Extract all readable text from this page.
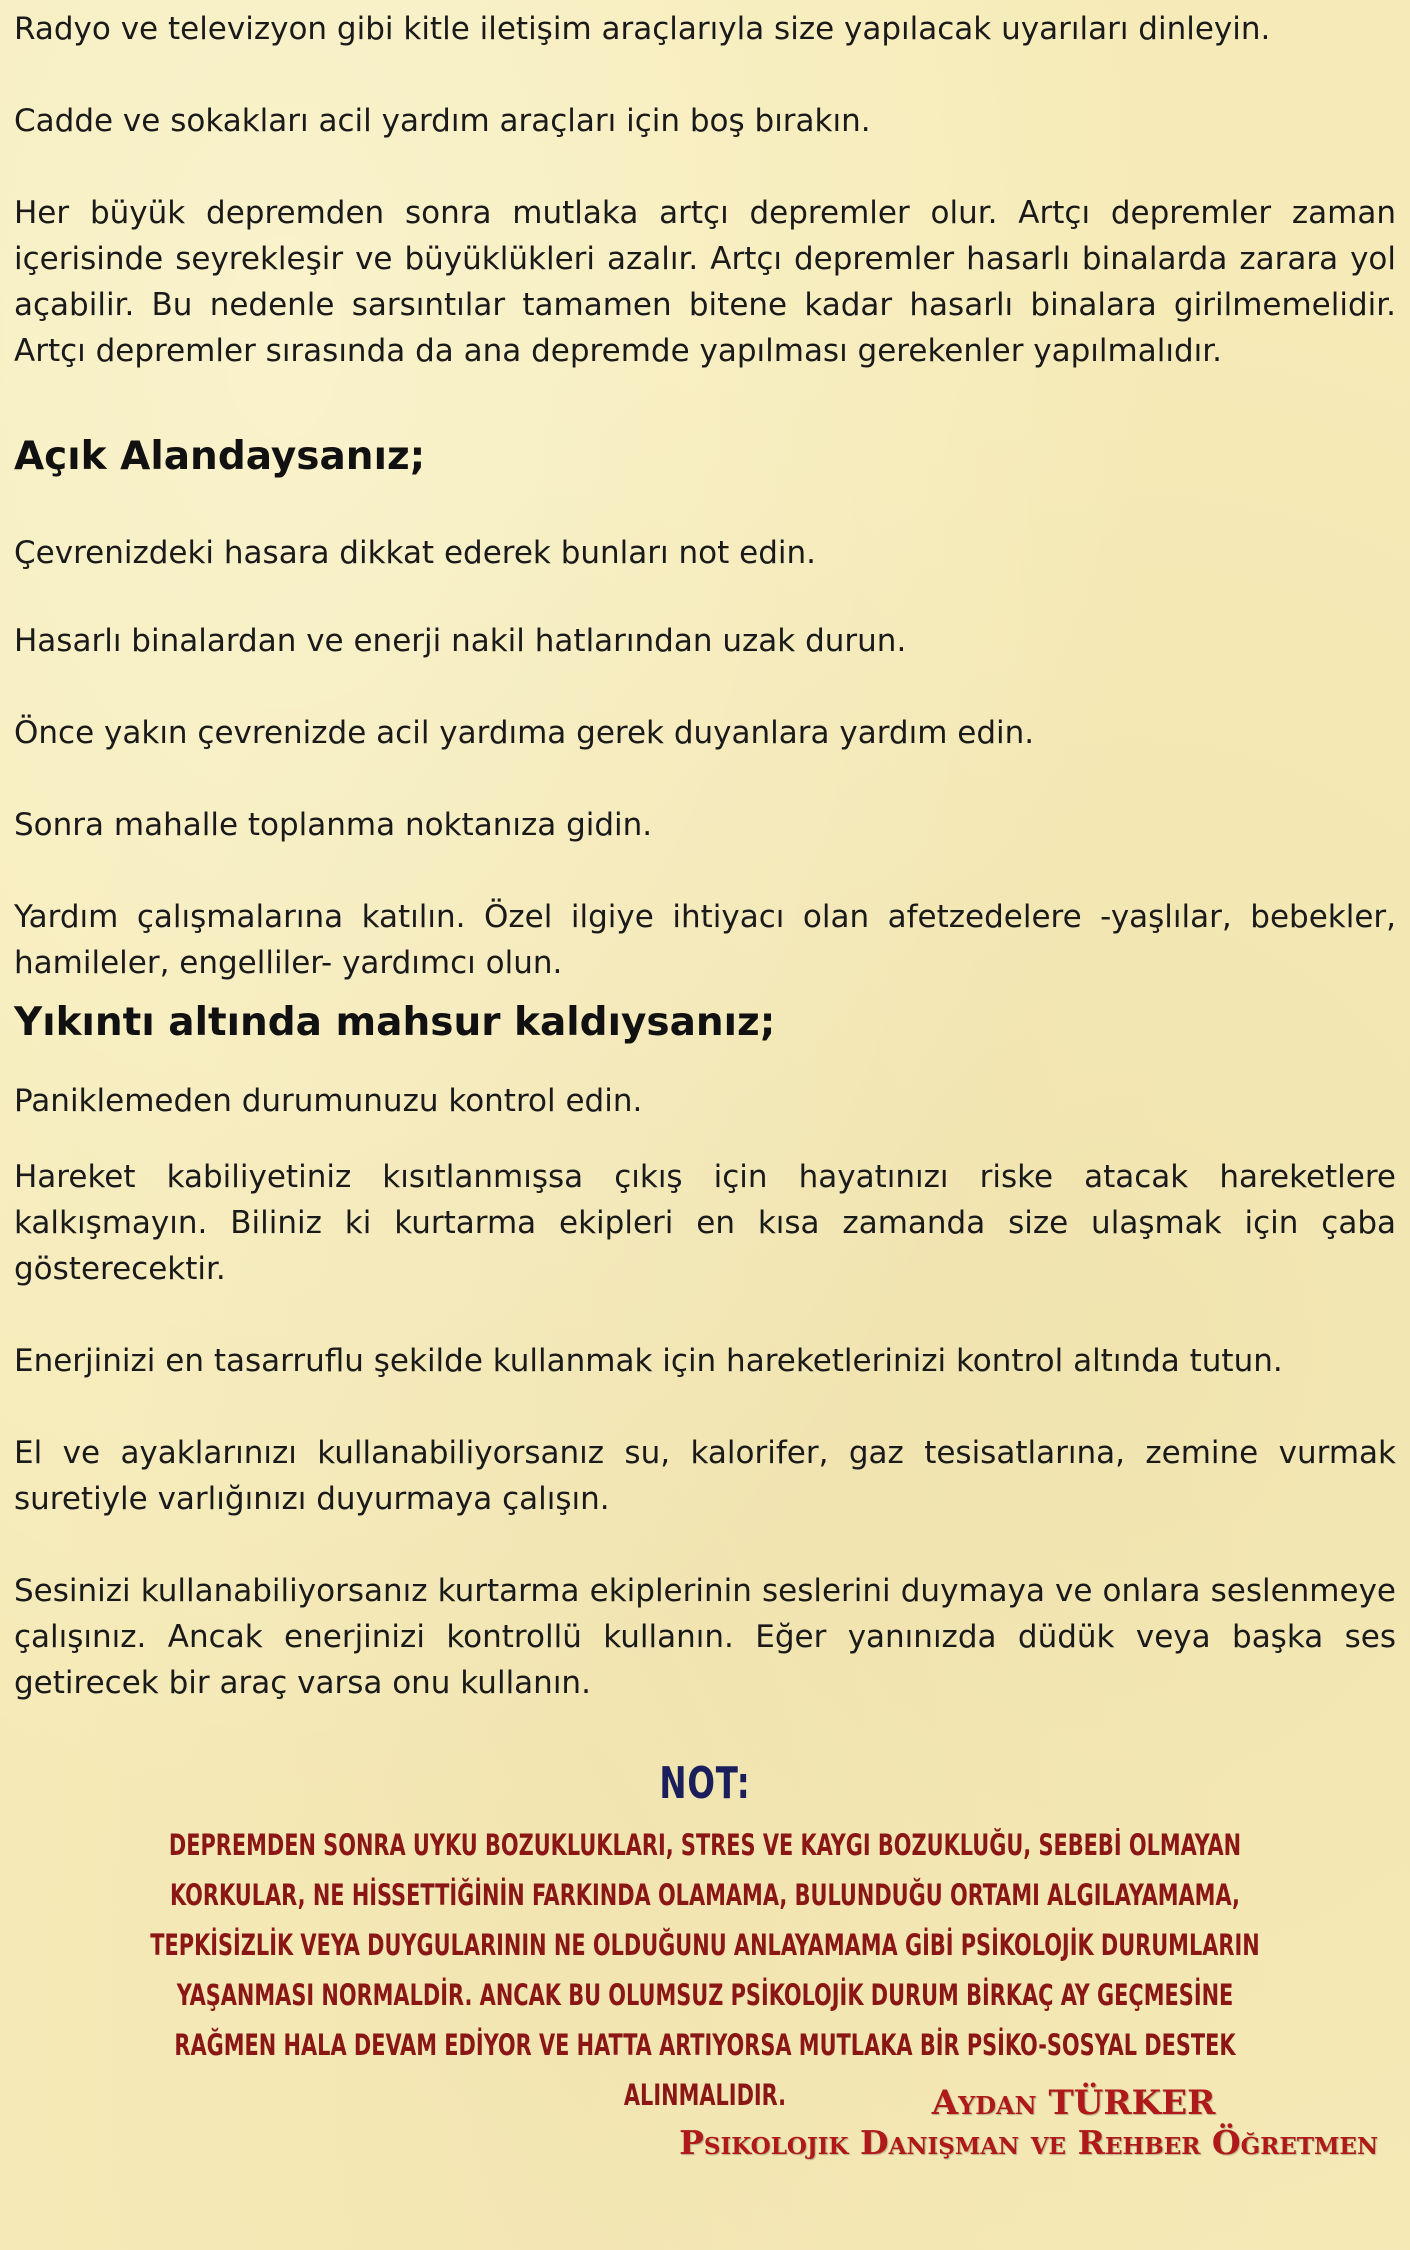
Radyo ve televizyon gibi kitle iletişim araçlarıyla size yapılacak uyarıları dinleyin.

Cadde ve sokakları acil yardım araçları için boş bırakın.

Her büyük depremden sonra mutlaka artçı depremler olur. Artçı depremler zaman içerisinde seyrekleşir ve büyüklükleri azalır. Artçı depremler hasarlı binalarda zarara yol açabilir. Bu nedenle sarsıntılar tamamen bitene kadar hasarlı binalara girilmemelidir. Artçı depremler sırasında da ana depremde yapılması gerekenler yapılmalıdır.

Açık Alandaysanız;

Çevrenizdeki hasara dikkat ederek bunları not edin.

Hasarlı binalardan ve enerji nakil hatlarından uzak durun.

Önce yakın çevrenizde acil yardıma gerek duyanlara yardım edin.

Sonra mahalle toplanma noktanıza gidin.

Yardım çalışmalarına katılın. Özel ilgiye ihtiyacı olan afetzedelere -yaşlılar, bebekler, hamileler, engelliler- yardımcı olun.

Yıkıntı altında mahsur kaldıysanız;

Paniklemeden durumunuzu kontrol edin.

Hareket kabiliyetiniz kısıtlanmışsa çıkış için hayatınızı riske atacak hareketlere kalkışmayın. Biliniz ki kurtarma ekipleri en kısa zamanda size ulaşmak için çaba gösterecektir.

Enerjinizi en tasarruflu şekilde kullanmak için hareketlerinizi kontrol altında tutun.

El ve ayaklarınızı kullanabiliyorsanız su, kalorifer, gaz tesisatlarına, zemine vurmak suretiyle varlığınızı duyurmaya çalışın.

Sesinizi kullanabiliyorsanız kurtarma ekiplerinin seslerini duymaya ve onlara seslenmeye çalışınız. Ancak enerjinizi kontrollü kullanın. Eğer yanınızda düdük veya başka ses getirecek bir araç varsa onu kullanın.

NOT:
DEPREMDEN SONRA UYKU BOZUKLUKLARI, STRES VE KAYGI BOZUKLUĞU, SEBEBİ OLMAYAN KORKULAR, NE HİSSETTİĞİNİN FARKINDA OLAMAMA, BULUNDUĞU ORTAMI ALGILAYAMAMA, TEPKİSİZLİK VEYA DUYGULARININ NE OLDUĞUNU ANLAYAMAMA GİBİ PSİKOLOJİK DURUMLARIN YAŞANMASI NORMALDİR. ANCAK BU OLUMSUZ PSİKOLOJİK DURUM BİRKAÇ AY GEÇMESİNE RAĞMEN HALA DEVAM EDİYOR VE HATTA ARTIYORSA MUTLAKA BİR PSİKO-SOSYAL DESTEK ALINMALIDIR.	Aydan TÜRKER
Psikolojik Danışman ve Rehber Öğretmen
